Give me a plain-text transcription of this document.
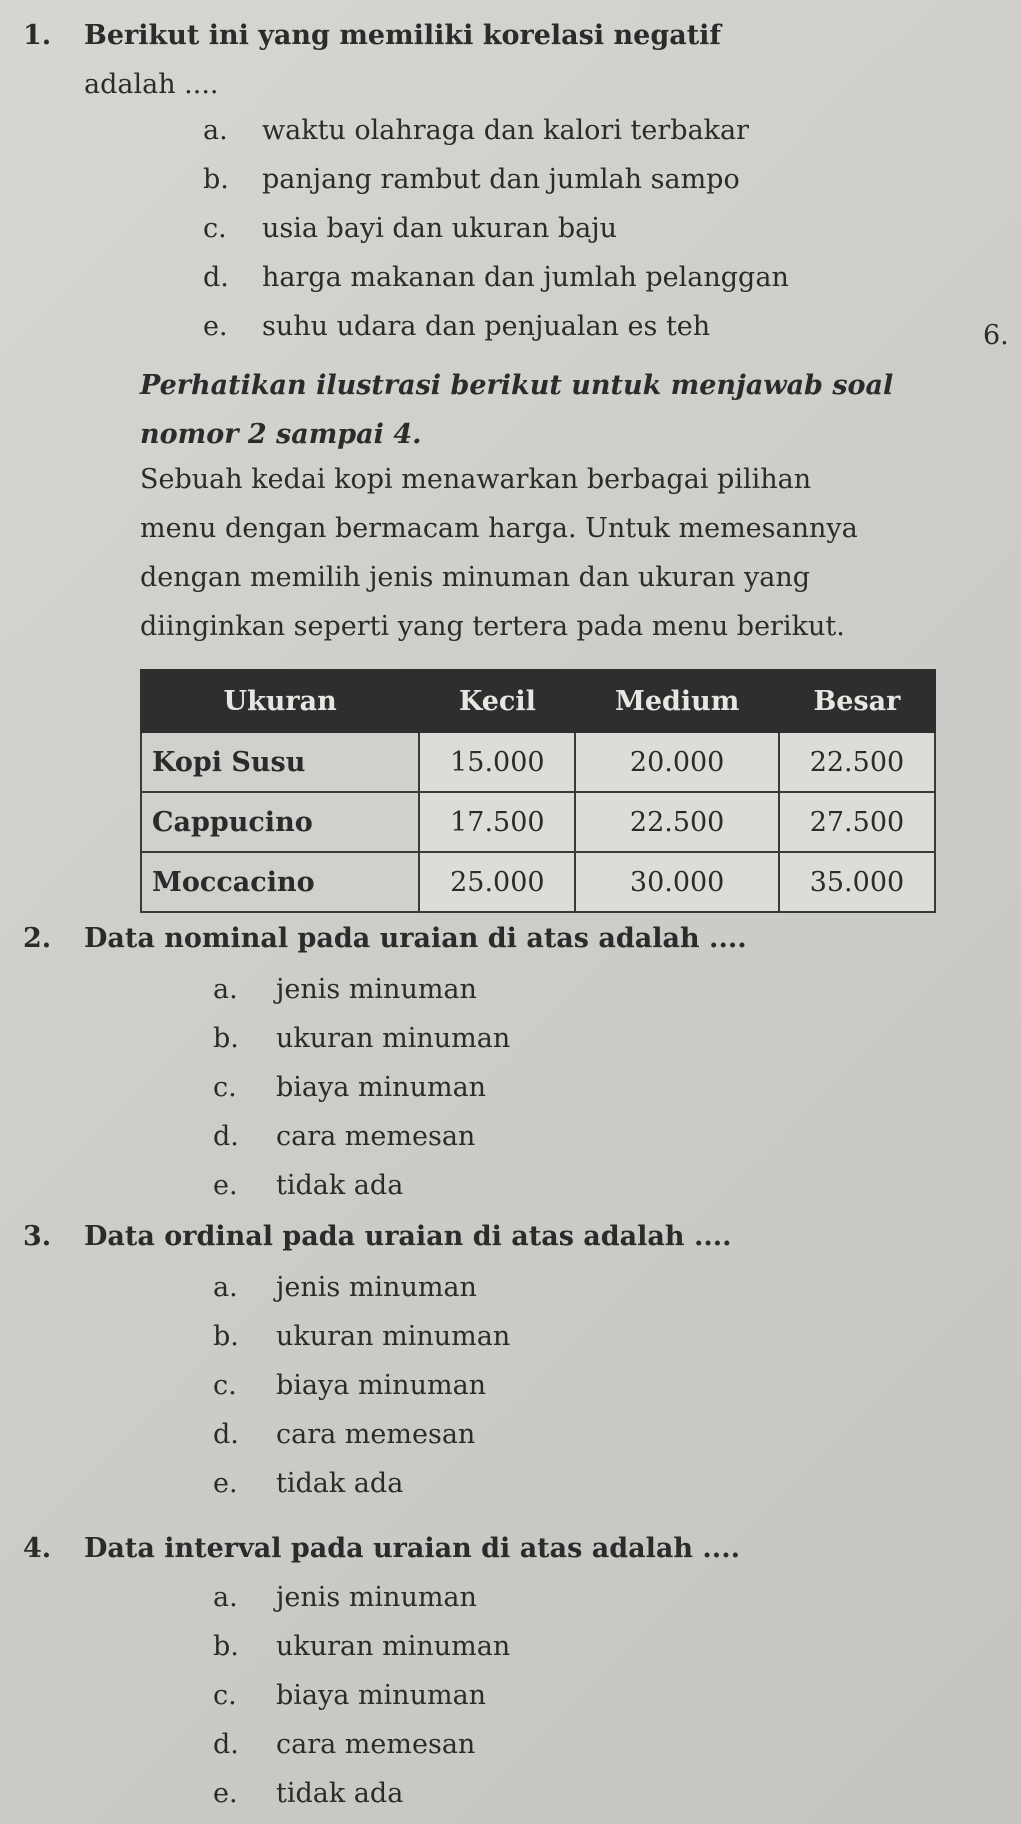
1. Berikut ini yang memiliki korelasi negatif
adalah ....
a. waktu olahraga dan kalori terbakar
b. panjang rambut dan jumlah sampo
c. usia bayi dan ukuran baju
d. harga makanan dan jumlah pelanggan
e. suhu udara dan penjualan es teh	6.
Perhatikan ilustrasi berikut untuk menjawab soal
nomor 2 sampai 4.
Sebuah kedai kopi menawarkan berbagai pilihan
menu dengan bermacam harga. Untuk memesannya
dengan memilih jenis minuman dan ukuran yang
diinginkan seperti yang tertera pada menu berikut.
Ukuran	Kecil	Medium	Besar
Kopi Susu	15.000	20.000	22.500
Cappucino	17.500	22.500	27.500
Moccacino	25.000	30.000	35.000
2. Data nominal pada uraian di atas adalah ....
a. jenis minuman
b. ukuran minuman
c. biaya minuman
d. cara memesan
e. tidak ada
3. Data ordinal pada uraian di atas adalah ....
a. jenis minuman
b. ukuran minuman
c. biaya minuman
d. cara memesan
e. tidak ada
4. Data interval pada uraian di atas adalah ....
a. jenis minuman
b. ukuran minuman
c. biaya minuman
d. cara memesan
e. tidak ada
